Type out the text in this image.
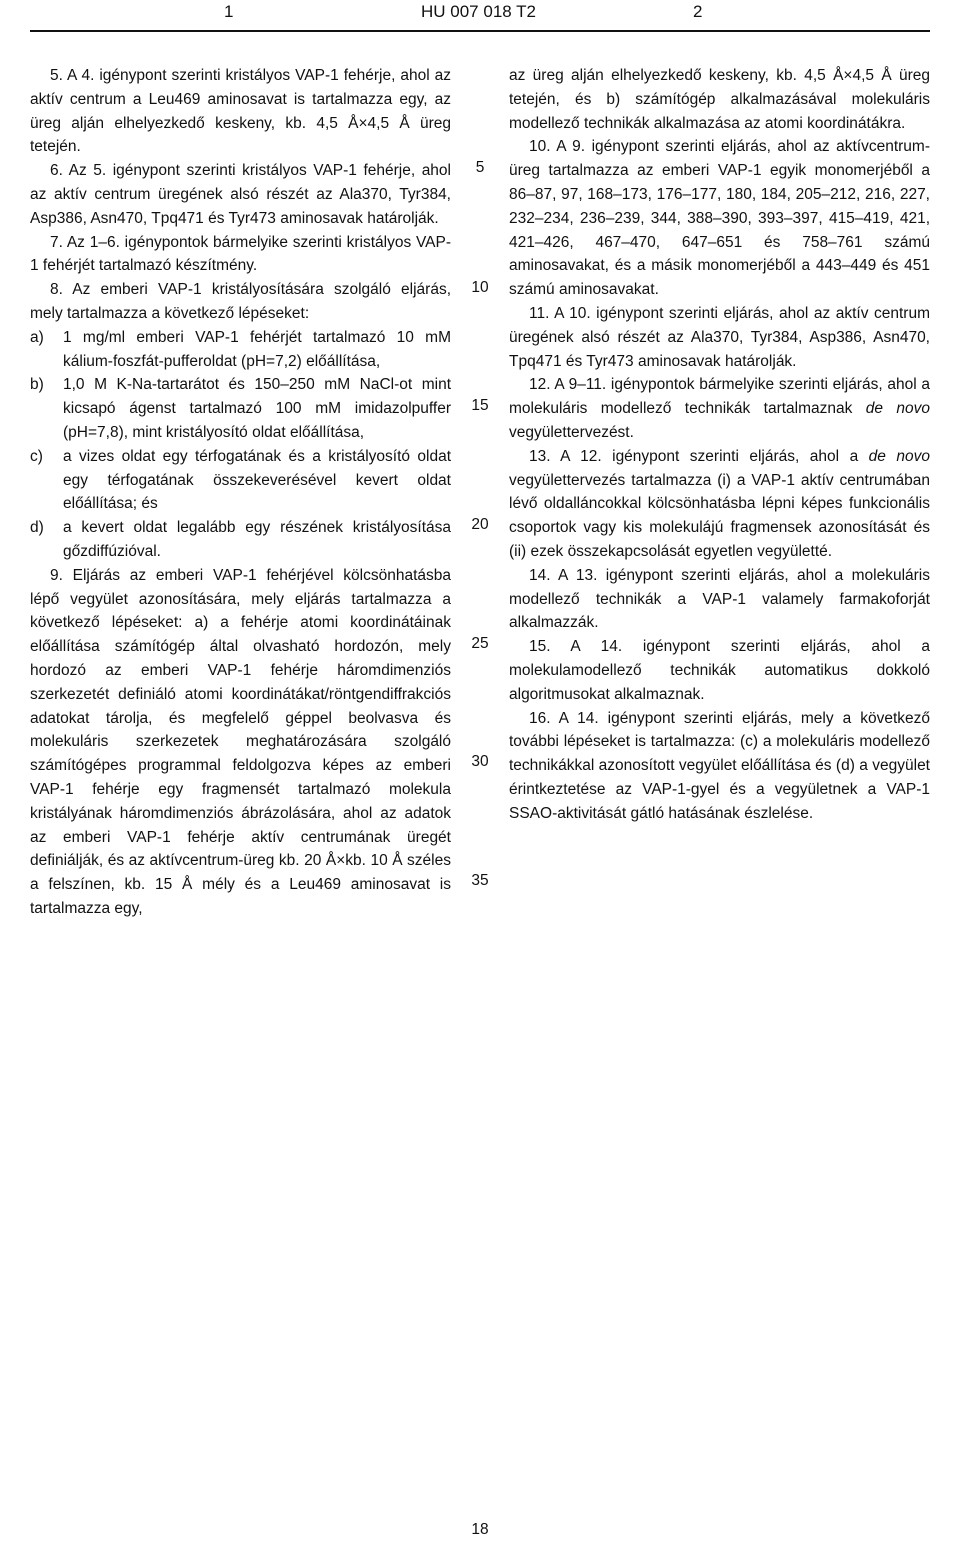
1	HU 007 018 T2	2

5. A 4. igénypont szerinti kristályos VAP-1 fehérje, ahol az aktív centrum a Leu469 aminosavat is tartalmazza egy, az üreg alján elhelyezkedő keskeny, kb. 4,5 Å×4,5 Å üreg tetején.

6. Az 5. igénypont szerinti kristályos VAP-1 fehérje, ahol az aktív centrum üregének alsó részét az Ala370, Tyr384, Asp386, Asn470, Tpq471 és Tyr473 aminosavak határolják.

7. Az 1–6. igénypontok bármelyike szerinti kristályos VAP-1 fehérjét tartalmazó készítmény.

8. Az emberi VAP-1 kristályosítására szolgáló eljárás, mely tartalmazza a következő lépéseket:

a) 1 mg/ml emberi VAP-1 fehérjét tartalmazó 10 mM kálium-foszfát-pufferoldat (pH=7,2) előállítása,

b) 1,0 M K-Na-tartarátot és 150–250 mM NaCl-ot mint kicsapó ágenst tartalmazó 100 mM imidazolpuffer (pH=7,8), mint kristályosító oldat előállítása,

c) a vizes oldat egy térfogatának és a kristályosító oldat egy térfogatának összekeverésével kevert oldat előállítása; és

d) a kevert oldat legalább egy részének kristályosítása gőzdiffúzióval.

9. Eljárás az emberi VAP-1 fehérjével kölcsönhatásba lépő vegyület azonosítására, mely eljárás tartalmazza a következő lépéseket: a) a fehérje atomi koordinátáinak előállítása számítógép által olvasható hordozón, mely hordozó az emberi VAP-1 fehérje háromdimenziós szerkezetét definiáló atomi koordinátákat/röntgendiffrakciós adatokat tárolja, és megfelelő géppel beolvasva és molekuláris szerkezetek meghatározására szolgáló számítógépes programmal feldolgozva képes az emberi VAP-1 fehérje egy fragmensét tartalmazó molekula kristályának háromdimenziós ábrázolására, ahol az adatok az emberi VAP-1 fehérje aktív centrumának üregét definiálják, és az aktívcentrum-üreg kb. 20 Å×kb. 10 Å széles a felszínen, kb. 15 Å mély és a Leu469 aminosavat is tartalmazza egy,

5
10
15
20
25
30
35

az üreg alján elhelyezkedő keskeny, kb. 4,5 Å×4,5 Å üreg tetején, és b) számítógép alkalmazásával molekuláris modellező technikák alkalmazása az atomi koordinátákra.

10. A 9. igénypont szerinti eljárás, ahol az aktívcentrum-üreg tartalmazza az emberi VAP-1 egyik monomerjéből a 86–87, 97, 168–173, 176–177, 180, 184, 205–212, 216, 227, 232–234, 236–239, 344, 388–390, 393–397, 415–419, 421, 421–426, 467–470, 647–651 és 758–761 számú aminosavakat, és a másik monomerjéből a 443–449 és 451 számú aminosavakat.

11. A 10. igénypont szerinti eljárás, ahol az aktív centrum üregének alsó részét az Ala370, Tyr384, Asp386, Asn470, Tpq471 és Tyr473 aminosavak határolják.

12. A 9–11. igénypontok bármelyike szerinti eljárás, ahol a molekuláris modellező technikák tartalmaznak de novo vegyülettervezést.

13. A 12. igénypont szerinti eljárás, ahol a de novo vegyülettervezés tartalmazza (i) a VAP-1 aktív centrumában lévő oldalláncokkal kölcsönhatásba lépni képes funkcionális csoportok vagy kis molekulájú fragmensek azonosítását és (ii) ezek összekapcsolását egyetlen vegyületté.

14. A 13. igénypont szerinti eljárás, ahol a molekuláris modellező technikák a VAP-1 valamely farmakoforját alkalmazzák.

15. A 14. igénypont szerinti eljárás, ahol a molekulamodellező technikák automatikus dokkoló algoritmusokat alkalmaznak.

16. A 14. igénypont szerinti eljárás, mely a következő további lépéseket is tartalmazza: (c) a molekuláris modellező technikákkal azonosított vegyület előállítása és (d) a vegyület érintkeztetése az VAP-1-gyel és a vegyületnek a VAP-1 SSAO-aktivitását gátló hatásának észlelése.

18
